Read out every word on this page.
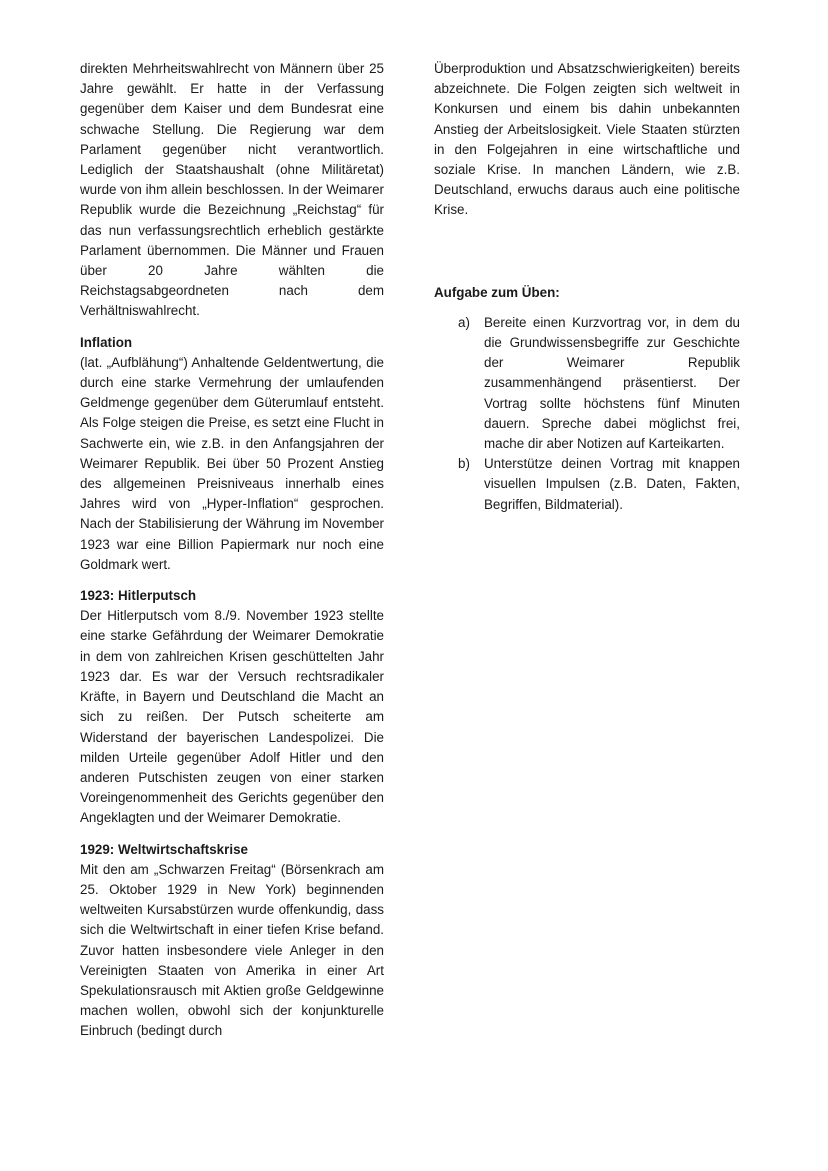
direkten Mehrheitswahlrecht von Männern über 25 Jahre gewählt. Er hatte in der Verfassung gegenüber dem Kaiser und dem Bundesrat eine schwache Stellung. Die Regierung war dem Parlament gegenüber nicht verantwortlich. Lediglich der Staatshaushalt (ohne Militäretat) wurde von ihm allein beschlossen. In der Weimarer Republik wurde die Bezeichnung „Reichstag“ für das nun verfassungsrechtlich erheblich gestärkte Parlament übernommen. Die Männer und Frauen über 20 Jahre wählten die Reichstagsabgeordneten nach dem Verhältniswahlrecht.

Inflation

(lat. „Aufblähung“) Anhaltende Geldentwertung, die durch eine starke Vermehrung der umlaufenden Geldmenge gegenüber dem Güterumlauf entsteht. Als Folge steigen die Preise, es setzt eine Flucht in Sachwerte ein, wie z.B. in den Anfangsjahren der Weimarer Republik. Bei über 50 Prozent Anstieg des allgemeinen Preisniveaus innerhalb eines Jahres wird von „Hyper-Inflation“ gesprochen. Nach der Stabilisierung der Währung im November 1923 war eine Billion Papiermark nur noch eine Goldmark wert.

1923: Hitlerputsch

Der Hitlerputsch vom 8./9. November 1923 stellte eine starke Gefährdung der Weimarer Demokratie in dem von zahlreichen Krisen geschüttelten Jahr 1923 dar. Es war der Versuch rechtsradikaler Kräfte, in Bayern und Deutschland die Macht an sich zu reißen. Der Putsch scheiterte am Widerstand der bayerischen Landespolizei. Die milden Urteile gegenüber Adolf Hitler und den anderen Putschisten zeugen von einer starken Voreingenommenheit des Gerichts gegenüber den Angeklagten und der Weimarer Demokratie.

1929: Weltwirtschaftskrise

Mit den am „Schwarzen Freitag“ (Börsenkrach am 25. Oktober 1929 in New York) beginnenden weltweiten Kursabstürzen wurde offenkundig, dass sich die Weltwirtschaft in einer tiefen Krise befand. Zuvor hatten insbesondere viele Anleger in den Vereinigten Staaten von Amerika in einer Art Spekulationsrausch mit Aktien große Geldgewinne machen wollen, obwohl sich der konjunkturelle Einbruch (bedingt durch

Überproduktion und Absatzschwierigkeiten) bereits abzeichnete. Die Folgen zeigten sich weltweit in Konkursen und einem bis dahin unbekannten Anstieg der Arbeitslosigkeit. Viele Staaten stürzten in den Folgejahren in eine wirtschaftliche und soziale Krise. In manchen Ländern, wie z.B. Deutschland, erwuchs daraus auch eine politische Krise.

Aufgabe zum Üben:

a)	Bereite einen Kurzvortrag vor, in dem du die Grundwissensbegriffe zur Geschichte der Weimarer Republik zusammenhängend präsentierst. Der Vortrag sollte höchstens fünf Minuten dauern. Spreche dabei möglichst frei, mache dir aber Notizen auf Karteikarten.
b)	Unterstütze deinen Vortrag mit knappen visuellen Impulsen (z.B. Daten, Fakten, Begriffen, Bildmaterial).
